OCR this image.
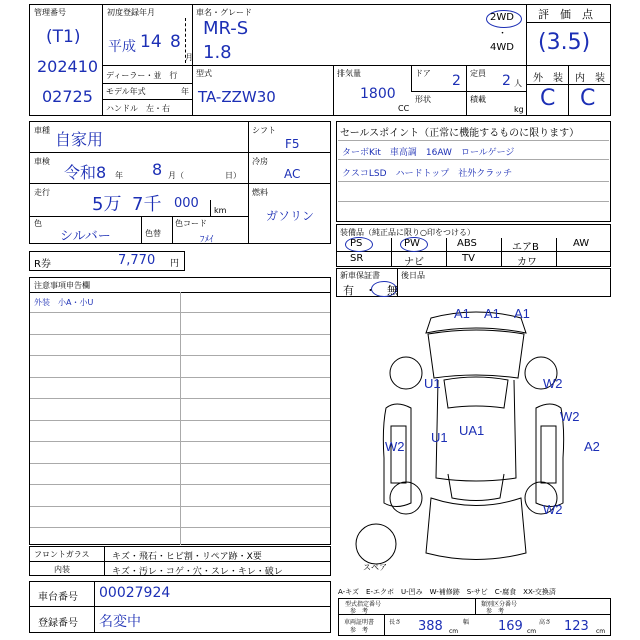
管理番号
(T1)
202410
02725
初度登録年月
平成 14 8
月
車名・グレード
MR-S
1.8
2WD
・
4WD
評　価　点
(3.5)
外　装 内　装
C C
ディーラー・並　行
モデル年式	年
ハンドル　左・右
型式
TA-ZZW30
排気量
1800
CC
ドア 2 定員 2 人
形状	積載
kg
車種 自家用
車検
令和8 年 8 月（	日）
走行
5万 7千 000 km
色
シルバー	色替
色コード
ﾌﾒｲ
シフト
F5
冷房
AC
燃料
ガソリン
セールスポイント（正常に機能するものに限ります）
ターボKit　車高調　16AW　ロールゲージ
クスコLSD　ハードトップ　社外クラッチ
装備品（純正品に限り○印をつける）
PS	PW	ABS	エアB	AW
SR	ナビ	TV	カワ
新車保証書
有　・　無
後日品
R券	7,770 円
注意事項申告欄
外装　小A・小U
フロントガラス キズ・飛石・ヒビ割・リペア跡・X要
内装	キズ・汚レ・コゲ・穴・スレ・キレ・破レ
車台番号 00027924
登録番号 名変中
A1 A1 A1
U1	W2
W2
U1 UA1
W2	A2
W2
スペア
A-キズ　E-エクボ　U-凹み　W-補修跡　S-サビ　C-腐食　XX-交換済
型式指定番号
参　考
類別区分番号
参　考
車両証明書
参　考
長さ 388 cm
幅 169 cm
高さ 123 cm
